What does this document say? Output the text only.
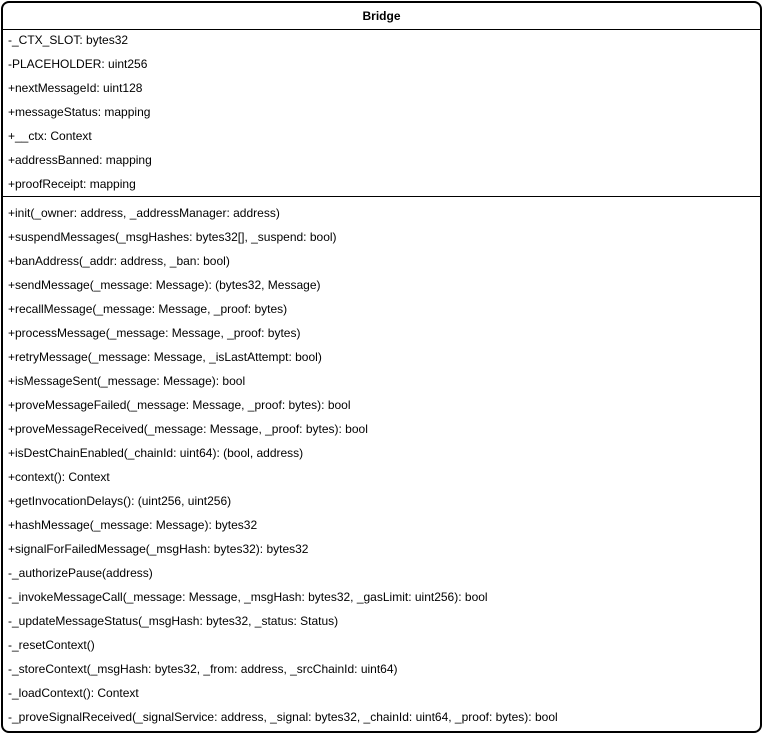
Bridge
-_CTX_SLOT: bytes32
-PLACEHOLDER: uint256
+nextMessageId: uint128
+messageStatus: mapping
+__ctx: Context
+addressBanned: mapping
+proofReceipt: mapping
+init(_owner: address, _addressManager: address)
+suspendMessages(_msgHashes: bytes32[], _suspend: bool)
+banAddress(_addr: address, _ban: bool)
+sendMessage(_message: Message): (bytes32, Message)
+recallMessage(_message: Message, _proof: bytes)
+processMessage(_message: Message, _proof: bytes)
+retryMessage(_message: Message, _isLastAttempt: bool)
+isMessageSent(_message: Message): bool
+proveMessageFailed(_message: Message, _proof: bytes): bool
+proveMessageReceived(_message: Message, _proof: bytes): bool
+isDestChainEnabled(_chainId: uint64): (bool, address)
+context(): Context
+getInvocationDelays(): (uint256, uint256)
+hashMessage(_message: Message): bytes32
+signalForFailedMessage(_msgHash: bytes32): bytes32
-_authorizePause(address)
-_invokeMessageCall(_message: Message, _msgHash: bytes32, _gasLimit: uint256): bool
-_updateMessageStatus(_msgHash: bytes32, _status: Status)
-_resetContext()
-_storeContext(_msgHash: bytes32, _from: address, _srcChainId: uint64)
-_loadContext(): Context
-_proveSignalReceived(_signalService: address, _signal: bytes32, _chainId: uint64, _proof: bytes): bool
